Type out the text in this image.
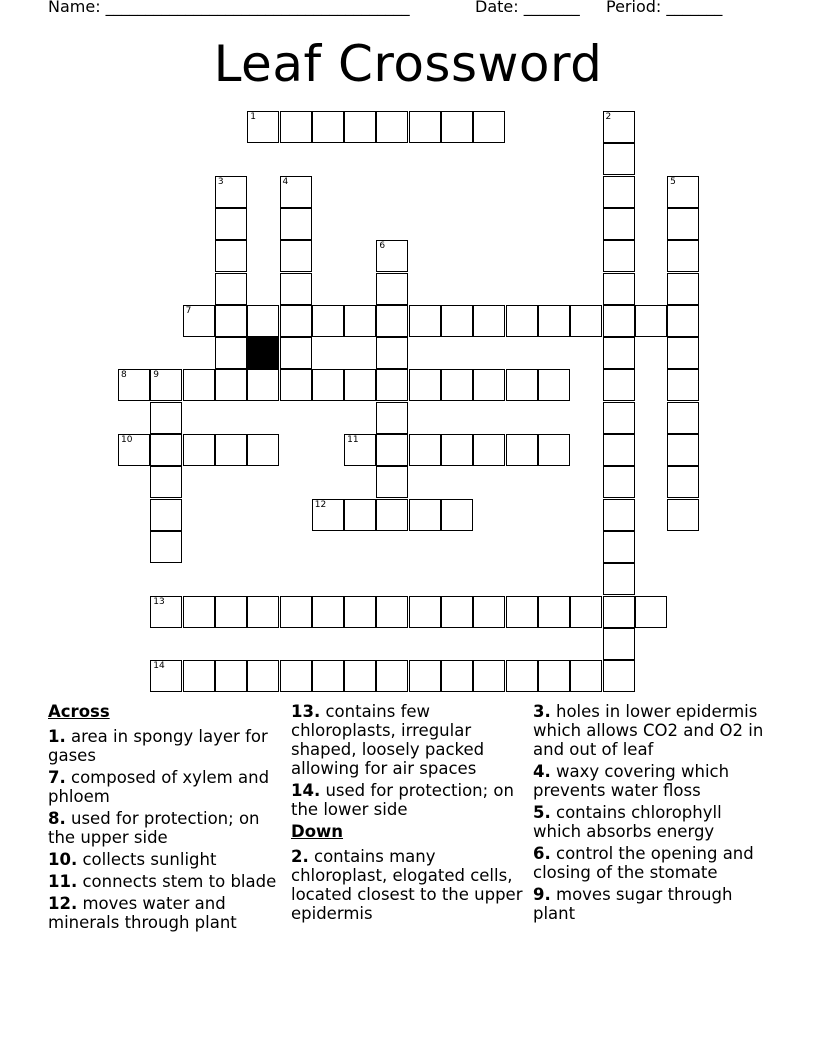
Name: ______________________________________	Date: _______ Period: _______
Leaf Crossword
1	2
3	4	5
6
7
8	9
10	11
12
13
14
Across
1. area in spongy layer for gases
7. composed of xylem and phloem
8. used for protection; on the upper side
10. collects sunlight
11. connects stem to blade
12. moves water and minerals through plant
13. contains few chloroplasts, irregular shaped, loosely packed allowing for air spaces
14. used for protection; on the lower side
Down
2. contains many chloroplast, elogated cells, located closest to the upper epidermis
3. holes in lower epidermis which allows CO2 and O2 in and out of leaf
4. waxy covering which prevents water floss
5. contains chlorophyll which absorbs energy
6. control the opening and closing of the stomate
9. moves sugar through plant
